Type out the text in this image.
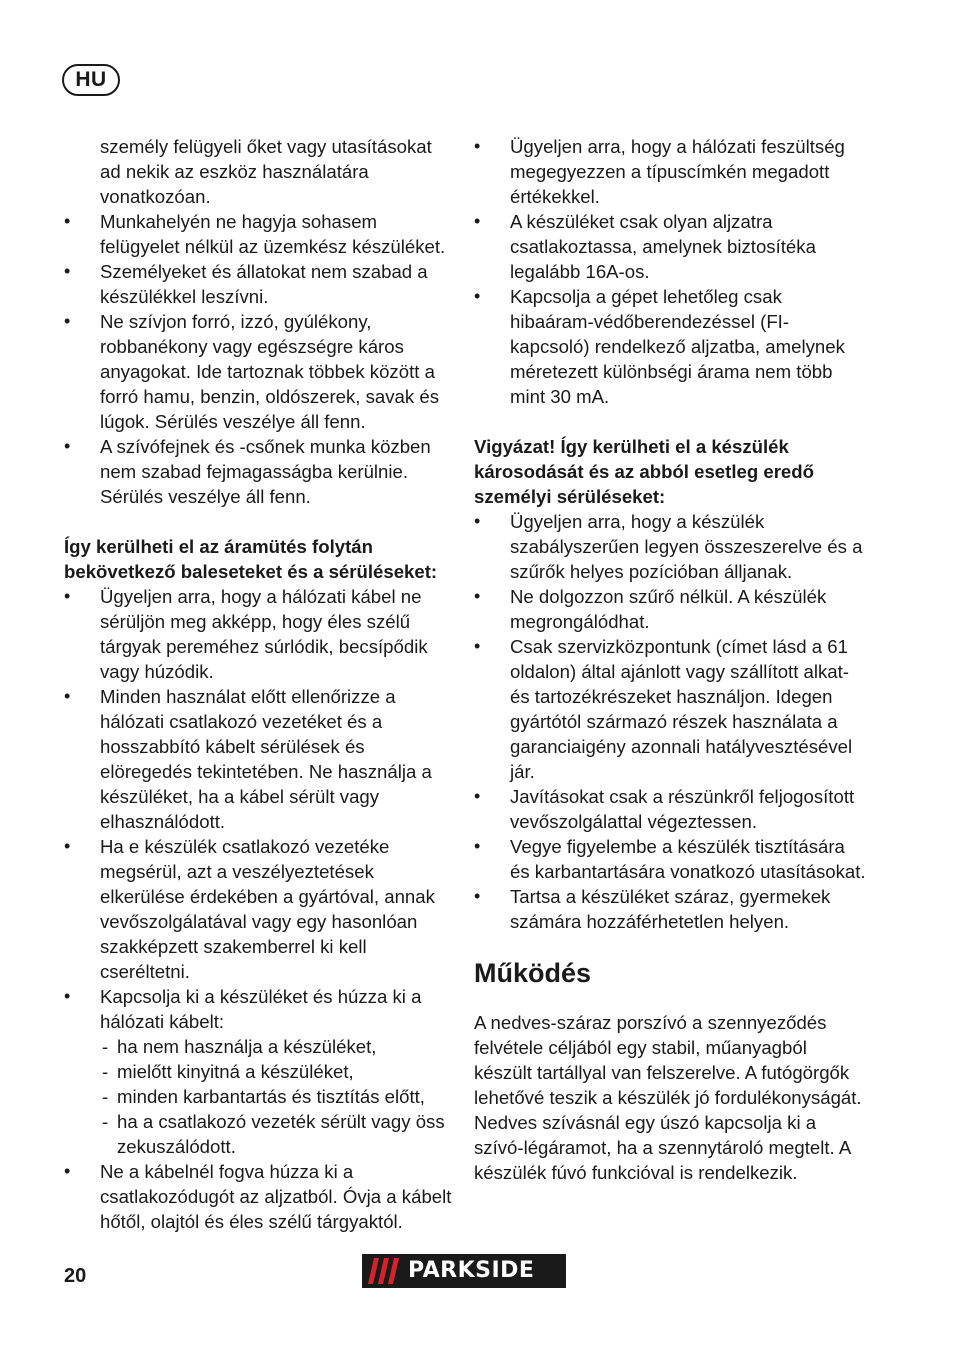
HU

személy felügyeli őket vagy utasításokat ad nekik az eszköz használatára vonatkozóan.

• Munkahelyén ne hagyja sohasem felügyelet nélkül az üzemkész készüléket.
• Személyeket és állatokat nem szabad a készülékkel leszívni.
• Ne szívjon forró, izzó, gyúlékony, robbanékony vagy egészségre káros anyagokat. Ide tartoznak többek között a forró hamu, benzin, oldószerek, savak és lúgok. Sérülés veszélye áll fenn.
• A szívófejnek és -csőnek munka közben nem szabad fejmagasságba kerülnie. Sérülés veszélye áll fenn.

Így kerülheti el az áramütés folytán bekövetkező baleseteket és a sérüléseket:

• Ügyeljen arra, hogy a hálózati kábel ne sérüljön meg akképp, hogy éles szélű tárgyak pereméhez súrlódik, becsípődik vagy húzódik.
• Minden használat előtt ellenőrizze a hálózati csatlakozó vezetéket és a hosszabbító kábelt sérülések és elöregedés tekintetében. Ne használja a készüléket, ha a kábel sérült vagy elhasználódott.
• Ha e készülék csatlakozó vezetéke megsérül, azt a veszélyeztetések elkerülése érdekében a gyártóval, annak vevőszolgálatával vagy egy hasonlóan szakképzett szakemberrel ki kell cseréltetni.
• Kapcsolja ki a készüléket és húzza ki a hálózati kábelt:
- ha nem használja a készüléket,
- mielőtt kinyitná a készüléket,
- minden karbantartás és tisztítás előtt,
- ha a csatlakozó vezeték sérült vagy öss zekuszálódott.
• Ne a kábelnél fogva húzza ki a csatlakozódugót az aljzatból. Óvja a kábelt hőtől, olajtól és éles szélű tárgyaktól.
• Ügyeljen arra, hogy a hálózati feszültség megegyezzen a típuscímkén megadott értékekkel.
• A készüléket csak olyan aljzatra csatlakoztassa, amelynek biztosítéka legalább 16A-os.
• Kapcsolja a gépet lehetőleg csak hibaáram-védőberendezéssel (FI-kapcsoló) rendelkező aljzatba, amelynek méretezett különbségi árama nem több mint 30 mA.

Vigyázat! Így kerülheti el a készülék károsodását és az abból esetleg eredő személyi sérüléseket:

• Ügyeljen arra, hogy a készülék szabályszerűen legyen összeszerelve és a szűrők helyes pozícióban álljanak.
• Ne dolgozzon szűrő nélkül. A készülék megrongálódhat.
• Csak szervizközpontunk (címet lásd a 61 oldalon) által ajánlott vagy szállított alkat- és tartozékrészeket használjon. Idegen gyártótól származó részek használata a garanciaigény azonnali hatályvesztésével jár.
• Javításokat csak a részünkről feljogosított vevőszolgálattal végeztessen.
• Vegye figyelembe a készülék tisztítására és karbantartására vonatkozó utasításokat.
• Tartsa a készüléket száraz, gyermekek számára hozzáférhetetlen helyen.
Működés

A nedves-száraz porszívó a szennyeződés felvétele céljából egy stabil, műanyagból készült tartállyal van felszerelve. A futógörgők lehetővé teszik a készülék jó fordulékonyságát. Nedves szívásnál egy úszó kapcsolja ki a szívó-légáramot, ha a szennytároló megtelt. A készülék fúvó funkcióval is rendelkezik.

20	PARKSIDE
